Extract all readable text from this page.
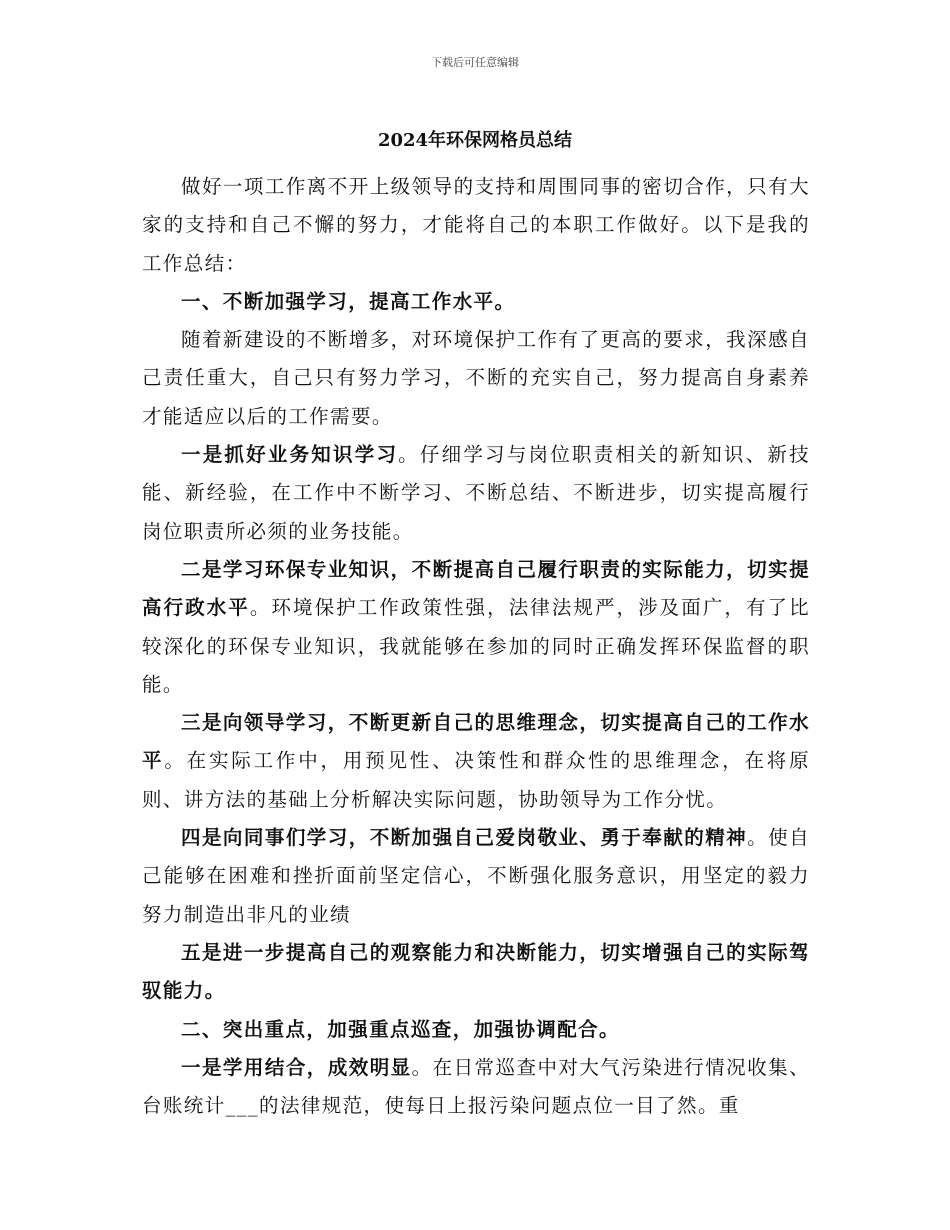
下载后可任意编辑
2024年环保网格员总结

做好一项工作离不开上级领导的支持和周围同事的密切合作，只有大家的支持和自己不懈的努力，才能将自己的本职工作做好。以下是我的工作总结：

一、不断加强学习，提高工作水平。

随着新建设的不断增多，对环境保护工作有了更高的要求，我深感自己责任重大，自己只有努力学习，不断的充实自己，努力提高自身素养才能适应以后的工作需要。

一是抓好业务知识学习。仔细学习与岗位职责相关的新知识、新技能、新经验，在工作中不断学习、不断总结、不断进步，切实提高履行岗位职责所必须的业务技能。

二是学习环保专业知识，不断提高自己履行职责的实际能力，切实提高行政水平。环境保护工作政策性强，法律法规严，涉及面广，有了比较深化的环保专业知识，我就能够在参加的同时正确发挥环保监督的职能。

三是向领导学习，不断更新自己的思维理念，切实提高自己的工作水平。在实际工作中，用预见性、决策性和群众性的思维理念，在将原则、讲方法的基础上分析解决实际问题，协助领导为工作分忧。

四是向同事们学习，不断加强自己爱岗敬业、勇于奉献的精神。使自己能够在困难和挫折面前坚定信心，不断强化服务意识，用坚定的毅力努力制造出非凡的业绩

五是进一步提高自己的观察能力和决断能力，切实增强自己的实际驾驭能力。

二、突出重点，加强重点巡查，加强协调配合。

一是学用结合，成效明显。在日常巡查中对大气污染进行情况收集、台账统计___的法律规范，使每日上报污染问题点位一目了然。重
